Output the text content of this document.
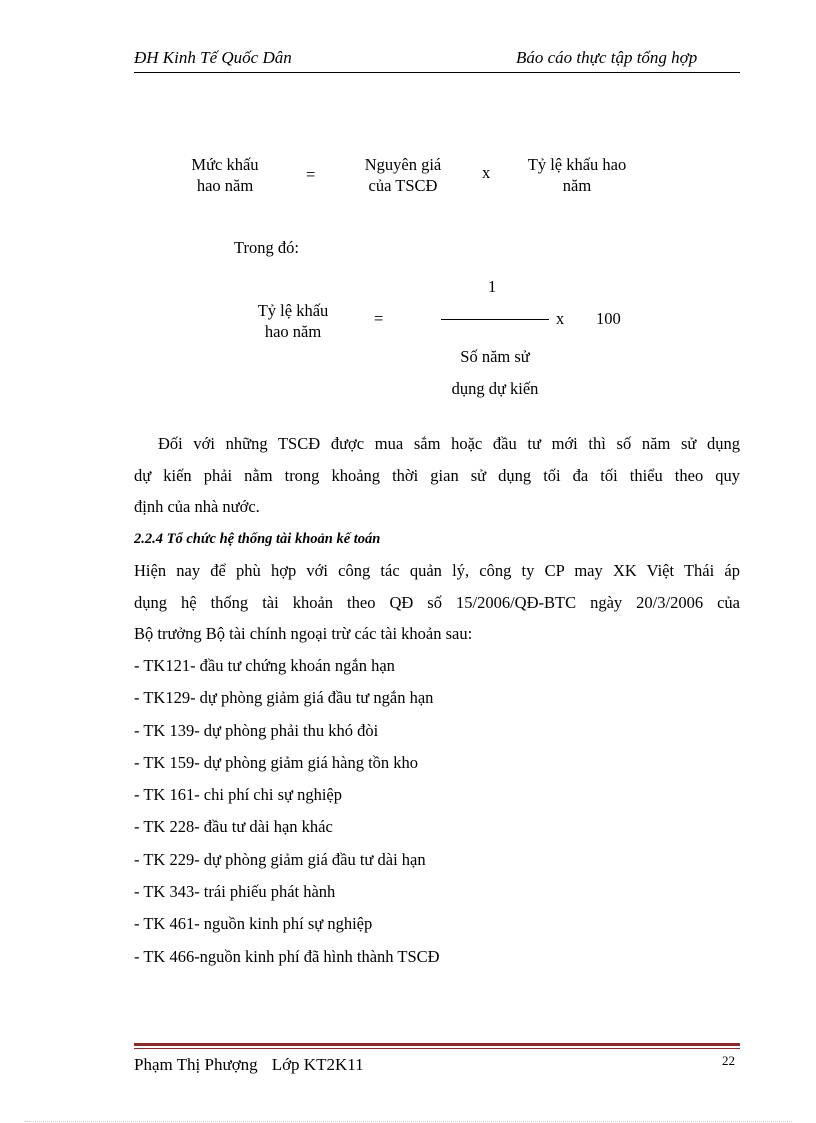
ĐH Kinh Tế Quốc Dân	Báo cáo thực tập tổng hợp
Mức khấu
hao năm
=
Nguyên giá
của TSCĐ
x	Tỷ lệ khấu hao
năm
Trong đó:
Tỷ lệ khấu
hao năm
=
1
x 100
Số năm sử
dụng dự kiến
Đối với những TSCĐ được mua sắm hoặc đầu tư mới thì số năm sử dụng
dự kiến phải nằm trong khoảng thời gian sử dụng tối đa tối thiểu theo quy
định của nhà nước.
2.2.4 Tổ chức hệ thống tài khoản kế toán
Hiện nay để phù hợp với công tác quản lý, công ty CP may XK Việt Thái áp
dụng hệ thống tài khoản theo QĐ số 15/2006/QĐ-BTC ngày 20/3/2006 của
Bộ trưởng Bộ tài chính ngoại trừ các tài khoản sau:
- TK121- đầu tư chứng khoán ngắn hạn
- TK129- dự phòng giảm giá đầu tư ngắn hạn
- TK 139- dự phòng phải thu khó đòi
- TK 159- dự phòng giảm giá hàng tồn kho
- TK 161- chi phí chi sự nghiệp
- TK 228- đầu tư dài hạn khác
- TK 229- dự phòng giảm giá đầu tư dài hạn
- TK 343- trái phiếu phát hành
- TK 461- nguồn kinh phí sự nghiệp
- TK 466-nguồn kinh phí đã hình thành TSCĐ
Phạm Thị Phượng Lớp KT2K11	22
